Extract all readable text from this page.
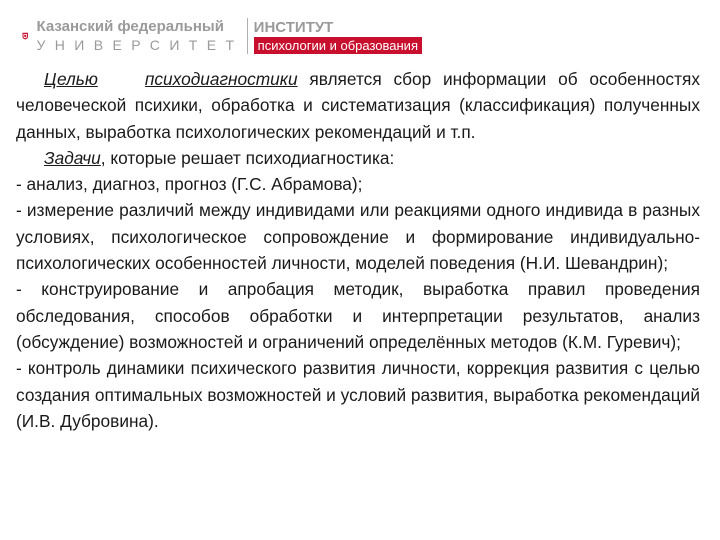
Казанский федеральный
УНИВЕРСИТЕТ
ИНСТИТУТ
психологии и образования

Целью	психодиагностики является сбор информации об особенностях человеческой психики, обработка и систематизация (классификация) полученных данных, выработка психологических рекомендаций и т.п.

Задачи, которые решает психодиагностика:

- анализ, диагноз, прогноз (Г.С. Абрамова);

- измерение различий между индивидами или реакциями одного индивида в разных условиях, психологическое сопровождение и формирование индивидуально-психологических особенностей личности, моделей поведения (Н.И. Шевандрин);

- конструирование и апробация методик, выработка правил проведения обследования, способов обработки и интерпретации результатов, анализ (обсуждение) возможностей и ограничений определённых методов (К.М. Гуревич);

- контроль динамики психического развития личности, коррекция развития с целью создания оптимальных возможностей и условий развития, выработка рекомендаций (И.В. Дубровина).
